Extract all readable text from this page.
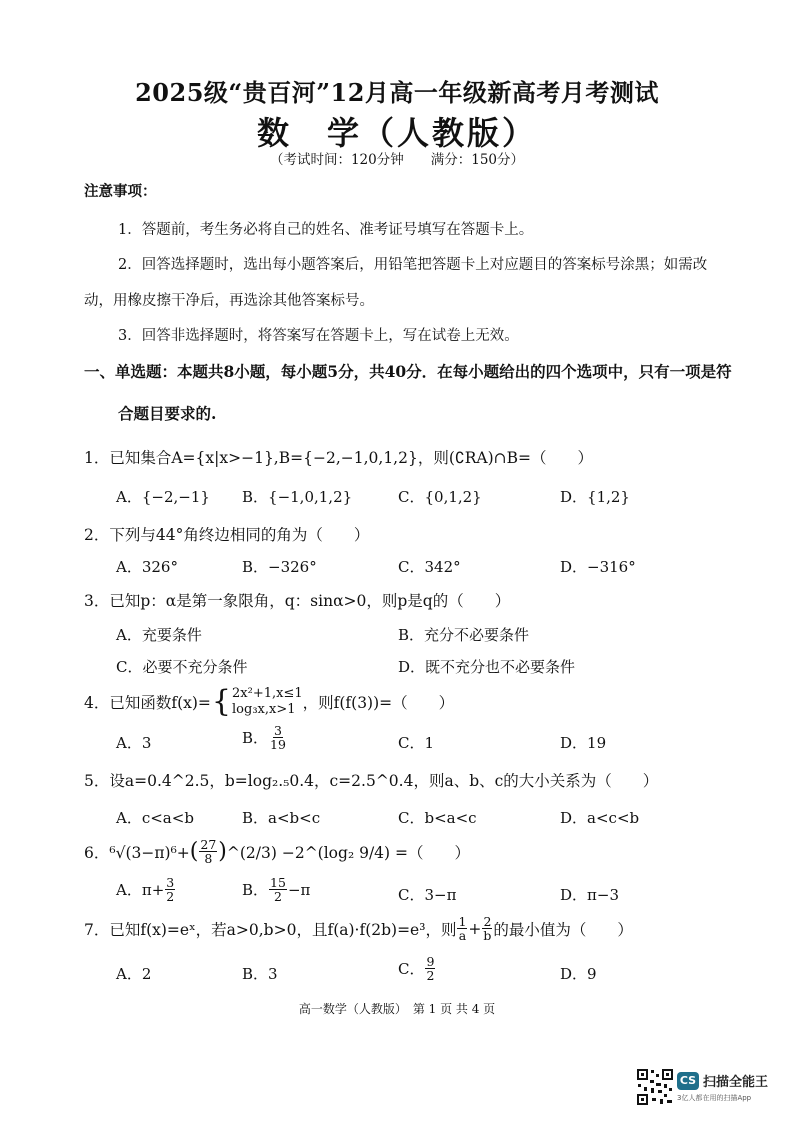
2025级“贵百河”12月高一年级新高考月考测试
数　学（人教版）
（考试时间：120分钟　　满分：150分）
注意事项：
1．答题前，考生务必将自己的姓名、准考证号填写在答题卡上。
2．回答选择题时，选出每小题答案后，用铅笔把答题卡上对应题目的答案标号涂黑；如需改
动，用橡皮擦干净后，再选涂其他答案标号。
3．回答非选择题时，将答案写在答题卡上，写在试卷上无效。
一、单选题：本题共8小题，每小题5分，共40分．在每小题给出的四个选项中，只有一项是符
合题目要求的.
1．已知集合A={x|x>−1},B={−2,−1,0,1,2}，则(∁RA)∩B=（　　）
A．{−2,−1} B．{−1,0,1,2}	C．{0,1,2}	D．{1,2}
2．下列与44°角终边相同的角为（　　）
A．326°	B．−326°	C．342°	D．−316°
3．已知p：α是第一象限角，q：sinα>0，则p是q的（　　）
A．充要条件	B．充分不必要条件
C．必要不充分条件	D．既不充分也不必要条件
4．已知函数f(x)= { 2x²+1,x≤1
log₃x,x>1 ，则f(f(3))=（　　）
A．3	B． $\frac{3}{19}$	C．1	D．19
5．设a=0.4^2.5，b=log₂.₅0.4，c=2.5^0.4，则a、b、c的大小关系为（　　）
A．c<a<b	B．a<b<c	C．b<a<c	D．a<c<b
6．⁶√(3−π)⁶+ ( $\frac{27}{8}$ ) ^(2/3) −2^(log₂ 9/4) =（　　）
A．$\pi+ \frac{3}{2}$	B． $\frac{15}{2} -\pi$	C．3−π	D．π−3
7．已知f(x)=eˣ，若a>0,b>0，且f(a)·f(2b)=e³，则 $\frac{1}{a} + \frac{2}{b}$ 的最小值为（　　）
A．2	B．3	C． $\frac{9}{2}$	D．9
高一数学（人教版）　第 1 页 共 4 页
CS 扫描全能王
3亿人都在用的扫描App
